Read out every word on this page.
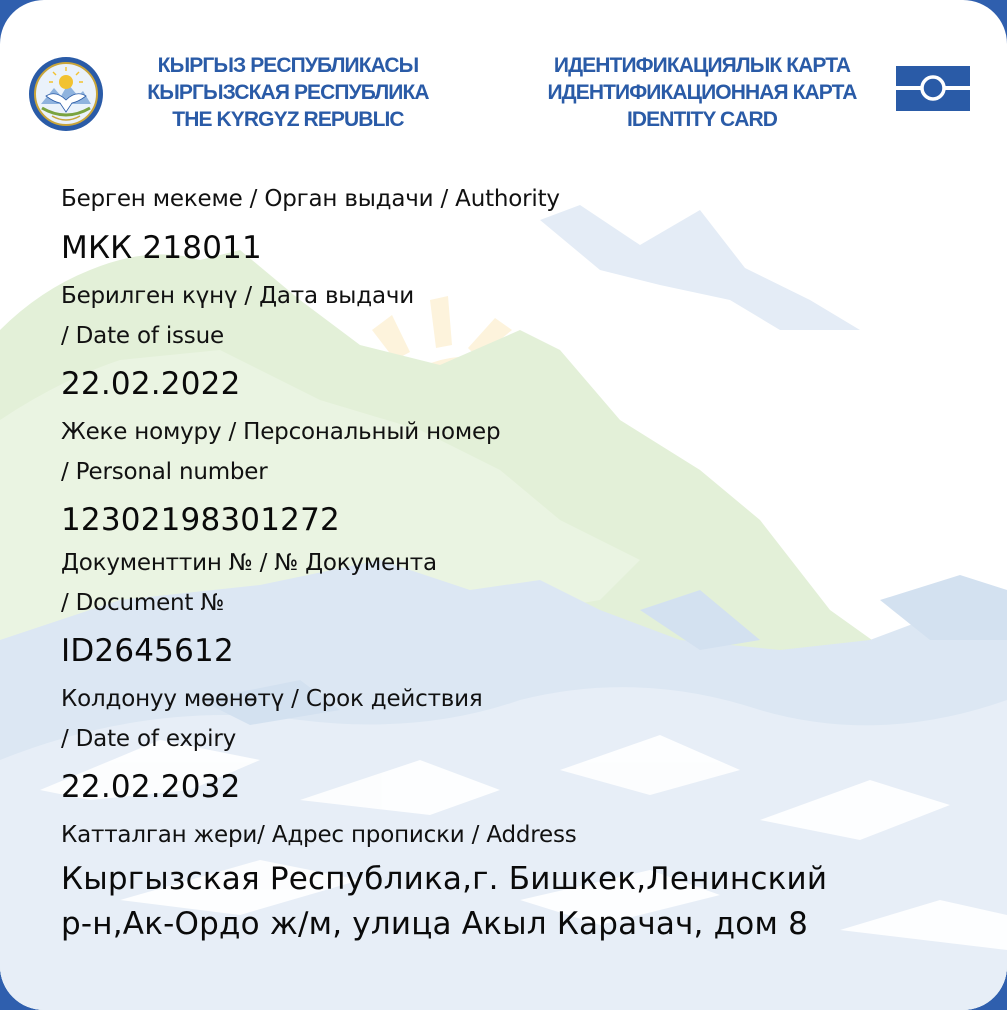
КЫРГЫЗ РЕСПУБЛИКАСЫ
КЫРГЫЗСКАЯ РЕСПУБЛИКА
THE KYRGYZ REPUBLIC
ИДЕНТИФИКАЦИЯЛЫК КАРТА
ИДЕНТИФИКАЦИОННАЯ КАРТА
IDENTITY CARD
Берген мекеме / Орган выдачи / Authority
МКК 218011
Берилген күнү / Дата выдачи
/ Date of issue
22.02.2022
Жеке номуру / Персональный номер
/ Personal number
12302198301272
Документтин № / № Документа
/ Document №
ID2645612
Колдонуу мөөнөтү / Срок действия
/ Date of expiry
22.02.2032
Катталган жери/ Адрес прописки / Address
Кыргызская Республика,г. Бишкек,Ленинский
р-н,Ак-Ордо ж/м, улица Акыл Карачач, дом 8
